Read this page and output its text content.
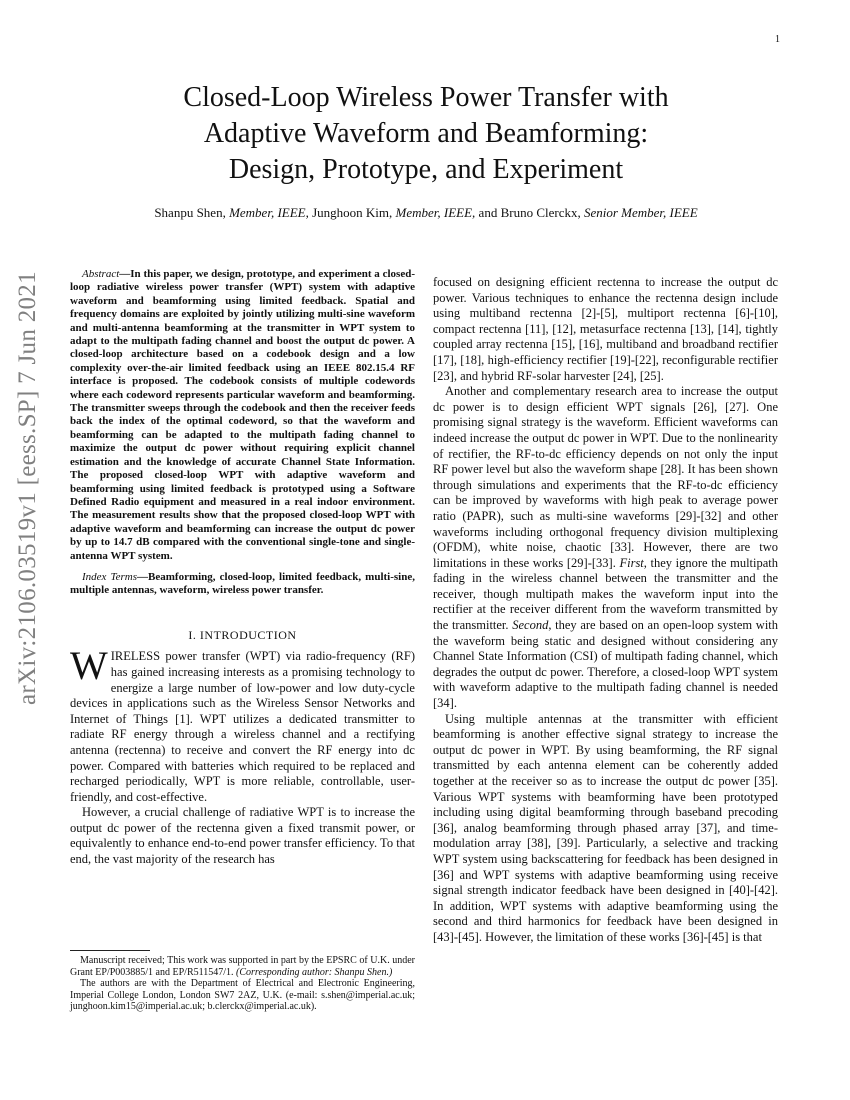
1
arXiv:2106.03519v1 [eess.SP] 7 Jun 2021
Closed-Loop Wireless Power Transfer with
Adaptive Waveform and Beamforming:
Design, Prototype, and Experiment
Shanpu Shen, Member, IEEE, Junghoon Kim, Member, IEEE, and Bruno Clerckx, Senior Member, IEEE

Abstract—In this paper, we design, prototype, and experiment a closed-loop radiative wireless power transfer (WPT) system with adaptive waveform and beamforming using limited feedback. Spatial and frequency domains are exploited by jointly utilizing multi-sine waveform and multi-antenna beamforming at the transmitter in WPT system to adapt to the multipath fading channel and boost the output dc power. A closed-loop architecture based on a codebook design and a low complexity over-the-air limited feedback using an IEEE 802.15.4 RF interface is proposed. The codebook consists of multiple codewords where each codeword represents particular waveform and beamforming. The transmitter sweeps through the codebook and then the receiver feeds back the index of the optimal codeword, so that the waveform and beamforming can be adapted to the multipath fading channel to maximize the output dc power without requiring explicit channel estimation and the knowledge of accurate Channel State Information. The proposed closed-loop WPT with adaptive waveform and beamforming using limited feedback is prototyped using a Software Defined Radio equipment and measured in a real indoor environment. The measurement results show that the proposed closed-loop WPT with adaptive waveform and beamforming can increase the output dc power by up to 14.7 dB compared with the conventional single-tone and single-antenna WPT system.

Index Terms—Beamforming, closed-loop, limited feedback, multi-sine, multiple antennas, waveform, wireless power transfer.

I. INTRODUCTION

WIRELESS power transfer (WPT) via radio-frequency (RF) has gained increasing interests as a promising technology to energize a large number of low-power and low duty-cycle devices in applications such as the Wireless Sensor Networks and Internet of Things [1]. WPT utilizes a dedicated transmitter to radiate RF energy through a wireless channel and a rectifying antenna (rectenna) to receive and convert the RF energy into dc power. Compared with batteries which required to be replaced and recharged periodically, WPT is more reliable, controllable, user-friendly, and cost-effective.

However, a crucial challenge of radiative WPT is to increase the output dc power of the rectenna given a fixed transmit power, or equivalently to enhance end-to-end power transfer efficiency. To that end, the vast majority of the research has

Manuscript received; This work was supported in part by the EPSRC of U.K. under Grant EP/P003885/1 and EP/R511547/1. (Corresponding author: Shanpu Shen.)

The authors are with the Department of Electrical and Electronic Engineering, Imperial College London, London SW7 2AZ, U.K. (e-mail: s.shen@imperial.ac.uk; junghoon.kim15@imperial.ac.uk; b.clerckx@imperial.ac.uk).

focused on designing efficient rectenna to increase the output dc power. Various techniques to enhance the rectenna design include using multiband rectenna [2]-[5], multiport rectenna [6]-[10], compact rectenna [11], [12], metasurface rectenna [13], [14], tightly coupled array rectenna [15], [16], multiband and broadband rectifier [17], [18], high-efficiency rectifier [19]-[22], reconfigurable rectifier [23], and hybrid RF-solar harvester [24], [25].

Another and complementary research area to increase the output dc power is to design efficient WPT signals [26], [27]. One promising signal strategy is the waveform. Efficient waveforms can indeed increase the output dc power in WPT. Due to the nonlinearity of rectifier, the RF-to-dc efficiency depends on not only the input RF power level but also the waveform shape [28]. It has been shown through simulations and experiments that the RF-to-dc efficiency can be improved by waveforms with high peak to average power ratio (PAPR), such as multi-sine waveforms [29]-[32] and other waveforms including orthogonal frequency division multiplexing (OFDM), white noise, chaotic [33]. However, there are two limitations in these works [29]-[33]. First, they ignore the multipath fading in the wireless channel between the transmitter and the receiver, though multipath makes the waveform input into the rectifier at the receiver different from the waveform transmitted by the transmitter. Second, they are based on an open-loop system with the waveform being static and designed without considering any Channel State Information (CSI) of multipath fading channel, which degrades the output dc power. Therefore, a closed-loop WPT system with waveform adaptive to the multipath fading channel is needed [34].

Using multiple antennas at the transmitter with efficient beamforming is another effective signal strategy to increase the output dc power in WPT. By using beamforming, the RF signal transmitted by each antenna element can be coherently added together at the receiver so as to increase the output dc power [35]. Various WPT systems with beamforming have been prototyped including using digital beamforming through baseband precoding [36], analog beamforming through phased array [37], and time-modulation array [38], [39]. Particularly, a selective and tracking WPT system using backscattering for feedback has been designed in [36] and WPT systems with adaptive beamforming using receive signal strength indicator feedback have been designed in [40]-[42]. In addition, WPT systems with adaptive beamforming using the second and third harmonics for feedback have been designed in [43]-[45]. However, the limitation of these works [36]-[45] is that
